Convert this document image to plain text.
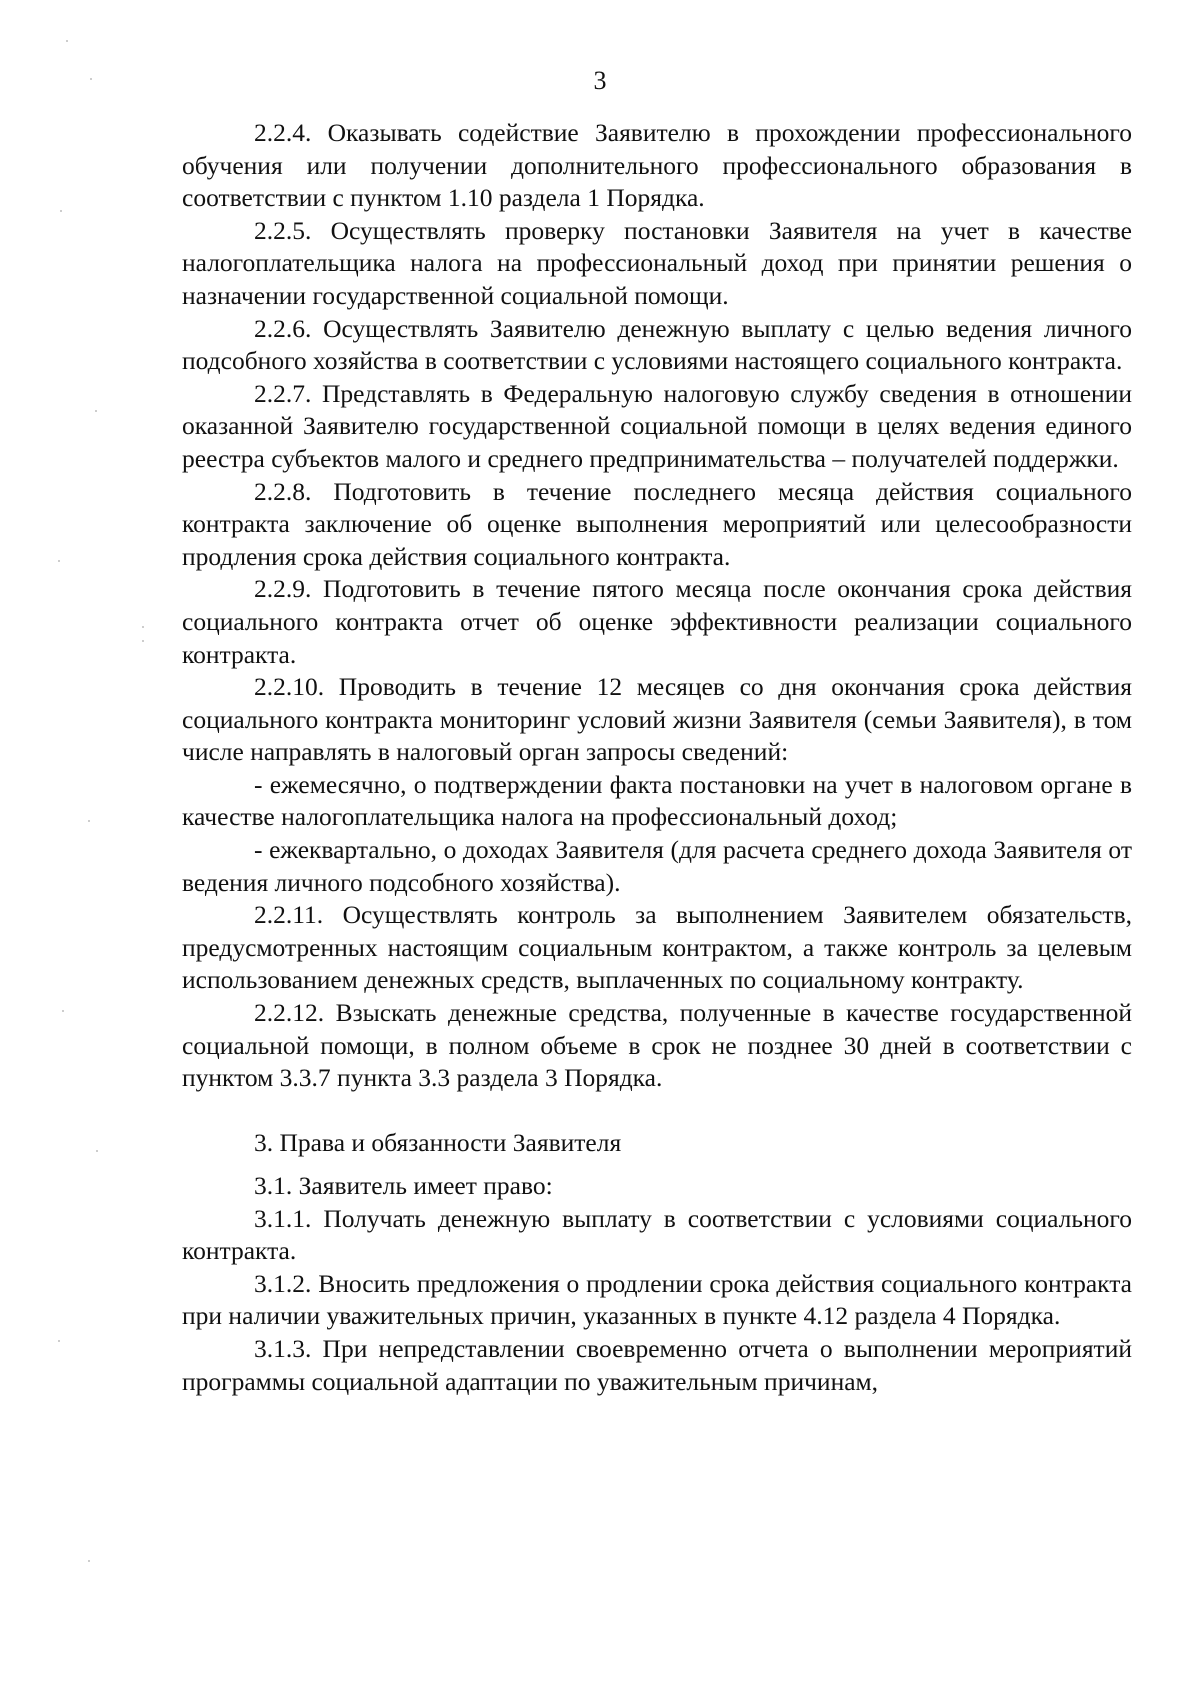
3

2.2.4. Оказывать содействие Заявителю в прохождении профессионального обучения или получении дополнительного профессионального образования в соответствии с пунктом 1.10 раздела 1 Порядка.

2.2.5. Осуществлять проверку постановки Заявителя на учет в качестве налогоплательщика налога на профессиональный доход при принятии решения о назначении государственной социальной помощи.

2.2.6. Осуществлять Заявителю денежную выплату с целью ведения личного подсобного хозяйства в соответствии с условиями настоящего социального контракта.

2.2.7. Представлять в Федеральную налоговую службу сведения в отношении оказанной Заявителю государственной социальной помощи в целях ведения единого реестра субъектов малого и среднего предпринимательства – получателей поддержки.

2.2.8. Подготовить в течение последнего месяца действия социального контракта заключение об оценке выполнения мероприятий или целесообразности продления срока действия социального контракта.

2.2.9. Подготовить в течение пятого месяца после окончания срока действия социального контракта отчет об оценке эффективности реализации социального контракта.

2.2.10. Проводить в течение 12 месяцев со дня окончания срока действия социального контракта мониторинг условий жизни Заявителя (семьи Заявителя), в том числе направлять в налоговый орган запросы сведений:

- ежемесячно, о подтверждении факта постановки на учет в налоговом органе в качестве налогоплательщика налога на профессиональный доход;

- ежеквартально, о доходах Заявителя (для расчета среднего дохода Заявителя от ведения личного подсобного хозяйства).

2.2.11. Осуществлять контроль за выполнением Заявителем обязательств, предусмотренных настоящим социальным контрактом, а также контроль за целевым использованием денежных средств, выплаченных по социальному контракту.

2.2.12. Взыскать денежные средства, полученные в качестве государственной социальной помощи, в полном объеме в срок не позднее 30 дней в соответствии с пунктом 3.3.7 пункта 3.3 раздела 3 Порядка.

3. Права и обязанности Заявителя

3.1. Заявитель имеет право:

3.1.1. Получать денежную выплату в соответствии с условиями социального контракта.

3.1.2. Вносить предложения о продлении срока действия социального контракта при наличии уважительных причин, указанных в пункте 4.12 раздела 4 Порядка.

3.1.3. При непредставлении своевременно отчета о выполнении мероприятий программы социальной адаптации по уважительным причинам,
